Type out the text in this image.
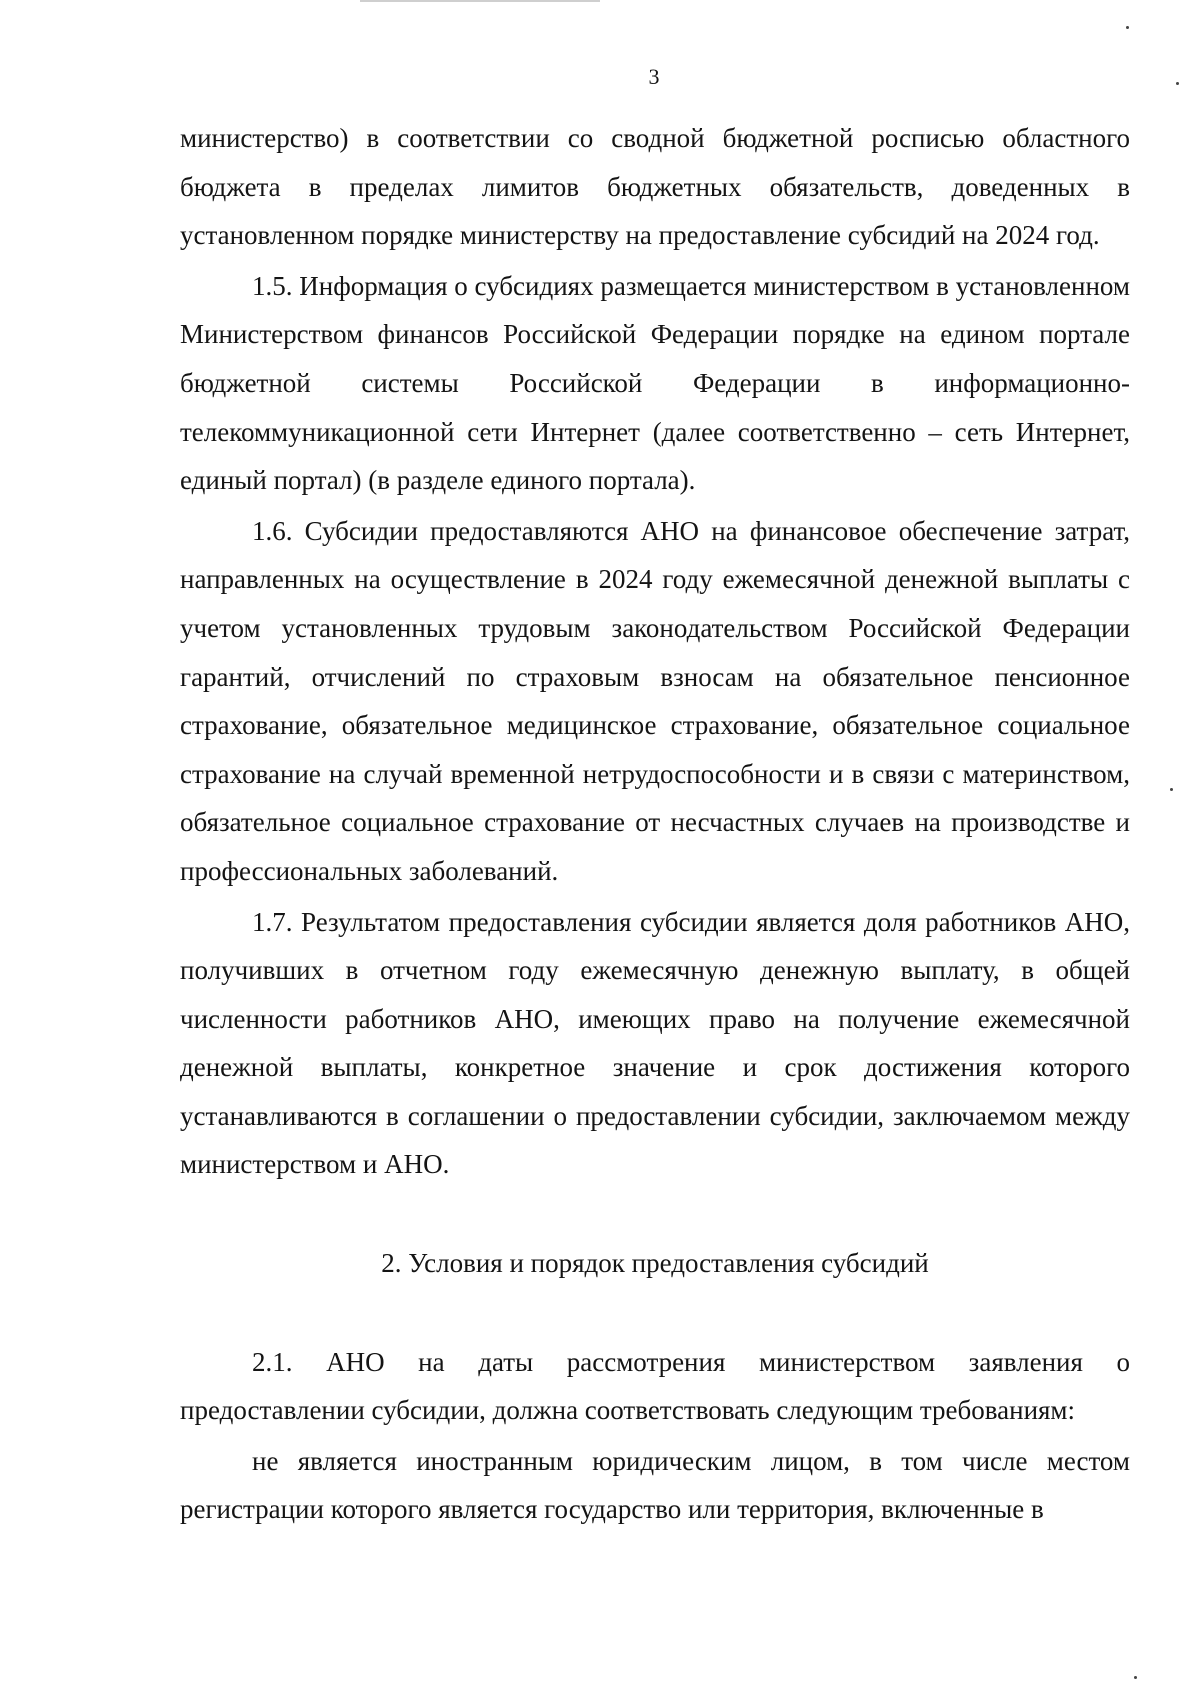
3

министерство) в соответствии со сводной бюджетной росписью областного бюджета в пределах лимитов бюджетных обязательств, доведенных в установленном порядке министерству на предоставление субсидий на 2024 год.

1.5. Информация о субсидиях размещается министерством в установленном Министерством финансов Российской Федерации порядке на едином портале бюджетной системы Российской Федерации в информационно-телекоммуникационной сети Интернет (далее соответственно – сеть Интернет, единый портал) (в разделе единого портала).

1.6. Субсидии предоставляются АНО на финансовое обеспечение затрат, направленных на осуществление в 2024 году ежемесячной денежной выплаты с учетом установленных трудовым законодательством Российской Федерации гарантий, отчислений по страховым взносам на обязательное пенсионное страхование, обязательное медицинское страхование, обязательное социальное страхование на случай временной нетрудоспособности и в связи с материнством, обязательное социальное страхование от несчастных случаев на производстве и профессиональных заболеваний.

1.7. Результатом предоставления субсидии является доля работников АНО, получивших в отчетном году ежемесячную денежную выплату, в общей численности работников АНО, имеющих право на получение ежемесячной денежной выплаты, конкретное значение и срок достижения которого устанавливаются в соглашении о предоставлении субсидии, заключаемом между министерством и АНО.

2. Условия и порядок предоставления субсидий

2.1. АНО на даты рассмотрения министерством заявления о предоставлении субсидии, должна соответствовать следующим требованиям:

не является иностранным юридическим лицом, в том числе местом регистрации которого является государство или территория, включенные в
